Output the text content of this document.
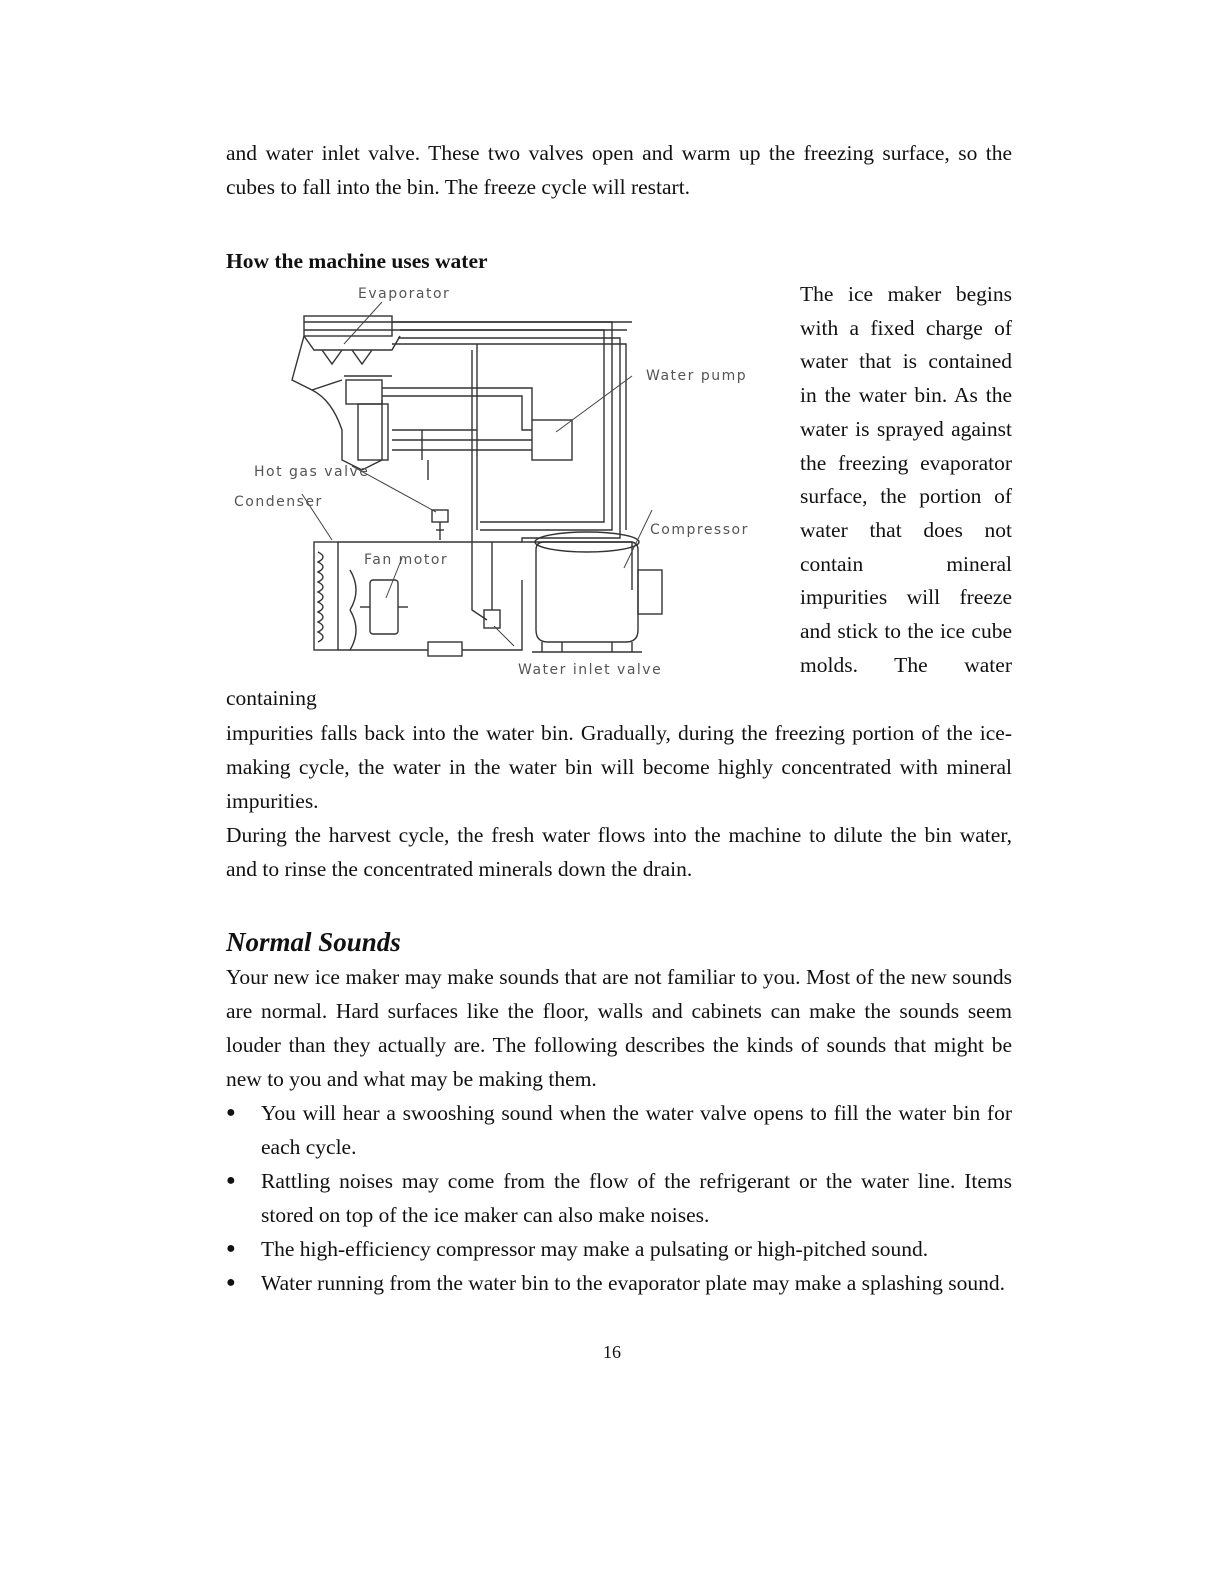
and water inlet valve. These two valves open and warm up the freezing surface, so the cubes to fall into the bin. The freeze cycle will restart.

How the machine uses water
Evaporator
Water pump
Hot gas valve
Condenser
Compressor
Fan motor
Water inlet valve

The ice maker begins with a fixed charge of water that is contained in the water bin. As the water is sprayed against the freezing evaporator surface, the portion of water that does not contain mineral impurities will freeze and stick to the ice cube molds. The water containing

impurities falls back into the water bin. Gradually, during the freezing portion of the ice-making cycle, the water in the water bin will become highly concentrated with mineral impurities.

During the harvest cycle, the fresh water flows into the machine to dilute the bin water, and to rinse the concentrated minerals down the drain.

Normal Sounds

Your new ice maker may make sounds that are not familiar to you. Most of the new sounds are normal. Hard surfaces like the floor, walls and cabinets can make the sounds seem louder than they actually are. The following describes the kinds of sounds that might be new to you and what may be making them.

● You will hear a swooshing sound when the water valve opens to fill the water bin for each cycle.
● Rattling noises may come from the flow of the refrigerant or the water line. Items stored on top of the ice maker can also make noises.
● The high-efficiency compressor may make a pulsating or high-pitched sound.
● Water running from the water bin to the evaporator plate may make a splashing sound.
16
